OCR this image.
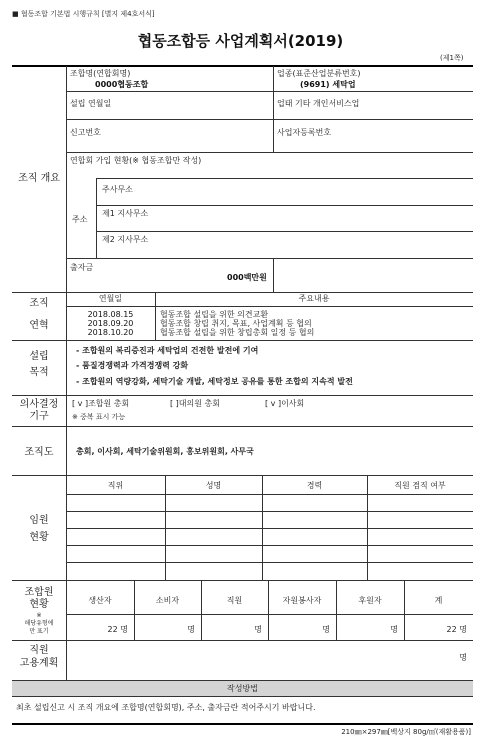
■ 협동조합 기본법 시행규칙 [별지 제4호서식]
협동조합등 사업계획서(2019)
(제1쪽)
조직 개요
조합명(연합회명)
0000협동조합
업종(표준산업분류번호)
(9691) 세탁업
설립 연월일	업태 기타 개인서비스업
신고번호	사업자등록번호
연합회 가입 현황(※ 협동조합만 작성)
주소
주사무소
제1 지사무소
제2 지사무소
출자금
000백만원
조직
연혁
연월일	주요내용
2018.08.15	협동조합 설립을 위한 의견교환
2018.09.20	협동조합 창립 취지, 목표, 사업계획 등 협의
2018.10.20	협동조합 설립을 위한 창립총회 일정 등 협의
설립
목적
- 조합원의 복리증진과 세탁업의 건전한 발전에 기여
- 품질경쟁력과 가격경쟁력 강화
- 조합원의 역량강화, 세탁기술 개발, 세탁정보 공유를 통한 조합의 지속적 발전
의사결정
기구
[ v ]조합원 총회	[ ]대의원 총회	[ v ]이사회
※ 중복 표시 가능
조직도	총회, 이사회, 세탁기술위원회, 홍보위원회, 사무국
임원
현황
직위	성명	경력	직원 겸직 여부
조합원
현황
※
해당유형에
만 표기
생산자	소비자	직원	자원봉사자	후원자	계
22 명	명	명	명	명	22 명
직원
고용계획
명
작성방법
최초 설립신고 시 조직 개요에 조합명(연합회명), 주소, 출자금란 적어주시기 바랍니다.
210㎜×297㎜[백상지 80g/㎡(재활용품)]
